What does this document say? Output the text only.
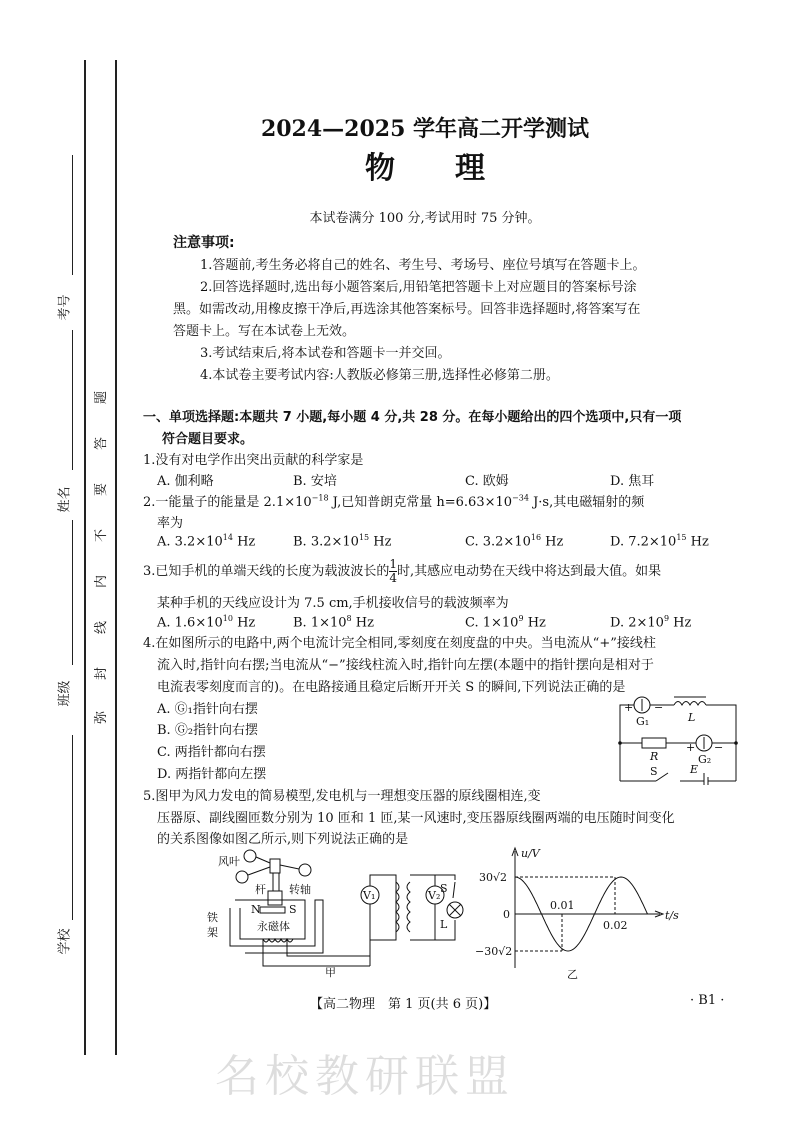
考号
姓名
班级
学校
弥
封
线
内
不
要
答
题
名校教研联盟
2024—2025 学年高二开学测试
物　　理
本试卷满分 100 分,考试用时 75 分钟。
注意事项:
1.答题前,考生务必将自己的姓名、考生号、考场号、座位号填写在答题卡上。
2.回答选择题时,选出每小题答案后,用铅笔把答题卡上对应题目的答案标号涂
黑。如需改动,用橡皮擦干净后,再选涂其他答案标号。回答非选择题时,将答案写在
答题卡上。写在本试卷上无效。
3.考试结束后,将本试卷和答题卡一并交回。
4.本试卷主要考试内容:人教版必修第三册,选择性必修第二册。
一、单项选择题:本题共 7 小题,每小题 4 分,共 28 分。在每小题给出的四个选项中,只有一项
符合题目要求。
1.没有对电学作出突出贡献的科学家是
A. 伽利略	B. 安培	C. 欧姆	D. 焦耳
2.一能量子的能量是 $2.1\times 10^{-18}$ J,已知普朗克常量 $h=6.63\times 10^{-34}$ J·s,其电磁辐射的频
率为
A. $3.2\times 10^{14}$ Hz	B. $3.2\times 10^{15}$ Hz	C. $3.2\times 10^{16}$ Hz	D. $7.2\times 10^{15}$ Hz
3.已知手机的单端天线的长度为载波波长的 $\frac{1}{4}$ 时,其感应电动势在天线中将达到最大值。如果
某种手机的天线应设计为 7.5 cm,手机接收信号的载波频率为
A. $1.6\times 10^{10}$ Hz	B. $1\times 10^8$ Hz	C. $1\times 10^9$ Hz	D. $2\times 10^9$ Hz
4.在如图所示的电路中,两个电流计完全相同,零刻度在刻度盘的中央。当电流从“+”接线柱
流入时,指针向右摆;当电流从“−”接线柱流入时,指针向左摆(本题中的指针摆向是相对于
电流表零刻度而言的)。在电路接通且稳定后断开开关 S 的瞬间,下列说法正确的是
A. Ⓖ₁指针向右摆
B. Ⓖ₂指针向右摆
C. 两指针都向右摆
D. 两指针都向左摆
+ −
G₁	L
R
+ −
G₂
S	E
5.图甲为风力发电的简易模型,发电机与一理想变压器的原线圈相连,变
压器原、副线圈匝数分别为 10 匝和 1 匝,某一风速时,变压器原线圈两端的电压随时间变化
的关系图像如图乙所示,则下列说法正确的是
风叶
杆 转轴
铁
架
N	S
永磁体
甲
V₁	V₂
S
L
u/V
t/s
30√2
−30√2
0
0.01
0.02
乙
【高二物理　第 1 页(共 6 页)】	· B1 ·
